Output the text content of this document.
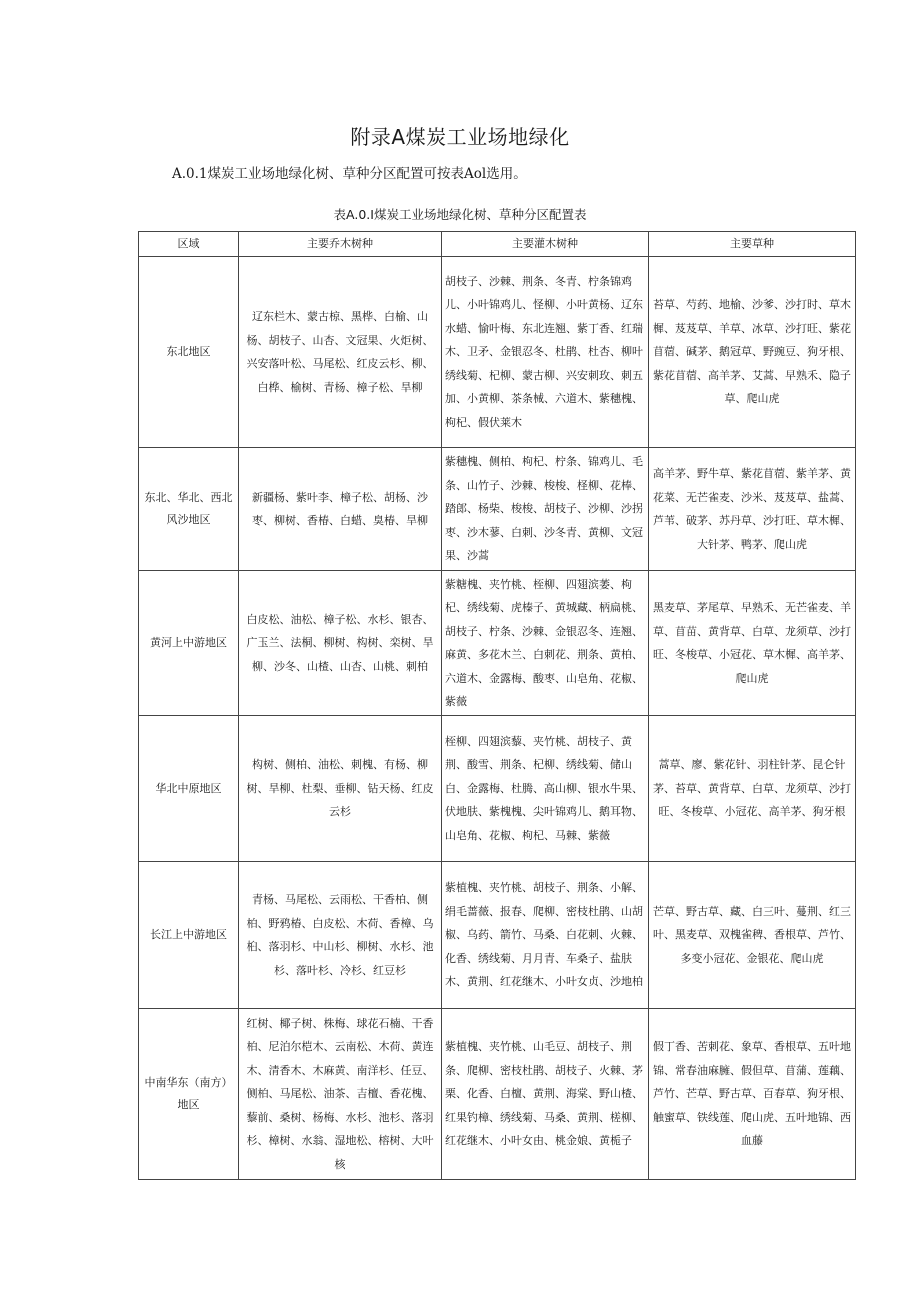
附录A煤炭工业场地绿化
A.0.1煤炭工业场地绿化树、草种分区配置可按表Aol选用。
表A.0.I煤炭工业场地绿化树、草种分区配置表
区域	主要乔木树种	主要灌木树种	主要草种
东北地区	辽东栏木、蒙古椋、黑桦、白榆、山杨、胡枝子、山杏、文冠果、火炬树、兴安落叶松、马尾松、红皮云杉、柳、白桦、榆树、青杨、樟子松、旱柳	胡枝子、沙棘、荆条、冬青、柠条锦鸡儿、小叶锦鸡儿、怪柳、小叶黄杨、辽东水蜡、愉叶梅、东北连翘、紫丁香、红瑞木、卫矛、金银忍冬、杜鹃、杜杏、柳叶绣线菊、杞柳、蒙古柳、兴安刺玫、刺五加、小黄柳、茶条械、六道木、紫穗槐、枸杞、假伏莱木	苔草、芍药、地榆、沙爹、沙打时、草木樨、芨芨草、羊草、冰草、沙打旺、紫花苜蓿、碱茅、鹅冠草、野豌豆、狗牙根、紫花苜蓿、高羊茅、艾蒿、早熟禾、隐子草、爬山虎
东北、华北、西北风沙地区	新疆杨、紫叶李、樟子松、胡杨、沙枣、柳树、香椿、白蜡、臭椿、旱柳	紫穗槐、侧柏、枸杞、柠条、锦鸡儿、毛条、山竹子、沙棘、梭梭、柽柳、花棒、踏郎、杨柴、梭梭、胡枝子、沙柳、沙拐枣、沙木蓼、白刺、沙冬青、黄柳、文冠果、沙蒿	高羊茅、野牛草、紫花苜蓿、紫羊茅、黄花菜、无芒雀麦、沙米、芨芨草、盐蒿、芦苇、破茅、苏丹草、沙打旺、草木樨、大针茅、鸭茅、爬山虎
黄河上中游地区	白皮松、油松、樟子松、水杉、银杏、广玉兰、法桐、柳树、构树、栾树、旱柳、沙冬、山楂、山杏、山桃、刺柏	紫糖槐、夹竹桃、桎柳、四翅滨萎、枸杞、绣线菊、虎榛子、黄城藏、柄扁桃、胡枝子、柠条、沙棘、金银忍冬、连翘、麻黄、多花木兰、白刺花、荆条、黄柏、六道木、金露梅、酸枣、山皂角、花椒、紫薇	黑麦草、茅尾草、早熟禾、无芒雀麦、羊草、苜苗、黄背草、白草、龙须草、沙打旺、冬梭草、小冠花、草木樨、高羊茅、爬山虎
华北中原地区	构树、侧柏、油松、刺槐、有杨、柳树、旱柳、杜梨、垂柳、钻天杨、红皮云杉	桎柳、四翅滨藜、夹竹桃、胡枝子、黄荆、酸雪、荆条、杞柳、绣线菊、储山白、金露梅、杜腾、高山柳、银水牛果、伏地肤、紫槐槐、尖叶锦鸡儿、鹅耳物、山皂角、花椒、枸杞、马棘、紫薇	蒿草、廖、紫花针、羽柱针茅、昆仑针茅、苔草、黄背草、白草、龙须草、沙打旺、冬梭草、小冠花、高羊茅、狗牙根
长江上中游地区	青杨、马尾松、云雨松、干香柏、侧柏、野鸦椿、白皮松、木荷、香樟、乌桕、落羽杉、中山杉、柳树、水杉、池杉、落叶杉、冷杉、红豆杉	紫植槐、夹竹桃、胡枝子、荆条、小解、绢毛蔷薇、报春、爬柳、密枝杜鹃、山胡椒、乌药、箭竹、马桑、白花刺、火棘、化香、绣线菊、月月青、车桑子、盐肤木、黄荆、红花继木、小叶女贞、沙地柏	芒草、野古草、藏、白三叶、蔓荆、红三叶、黑麦草、双槐雀稗、香根草、芦竹、多变小冠花、金银花、爬山虎
中南华东（南方）地区	红树、椰子树、株梅、球花石楠、干香柏、尼泊尔桤木、云南松、木荷、黄连木、清香木、木麻黄、南洋杉、任豆、侧柏、马尾松、油茶、吉檀、香花槐、藜前、桑树、杨梅、水杉、池杉、落羽杉、樟树、水翁、湿地松、榕树、大叶核	紫植槐、夹竹桃、山毛豆、胡枝子、荆条、爬柳、密枝杜鹃、胡枝子、火棘、茅栗、化香、白檀、黄荆、海棠、野山楂、红果钓樟、绣线菊、马桑、黄荆、槎柳、红花继木、小叶女由、桃金娘、黄栀子	假丁香、苦刺花、象草、香根草、五叶地锦、常春油麻臃、假但草、苜蒲、莲藕、芦竹、芒草、野古草、百春草、狗牙根、触蜜草、铁线莲、爬山虎、五叶地锦、西血藤
